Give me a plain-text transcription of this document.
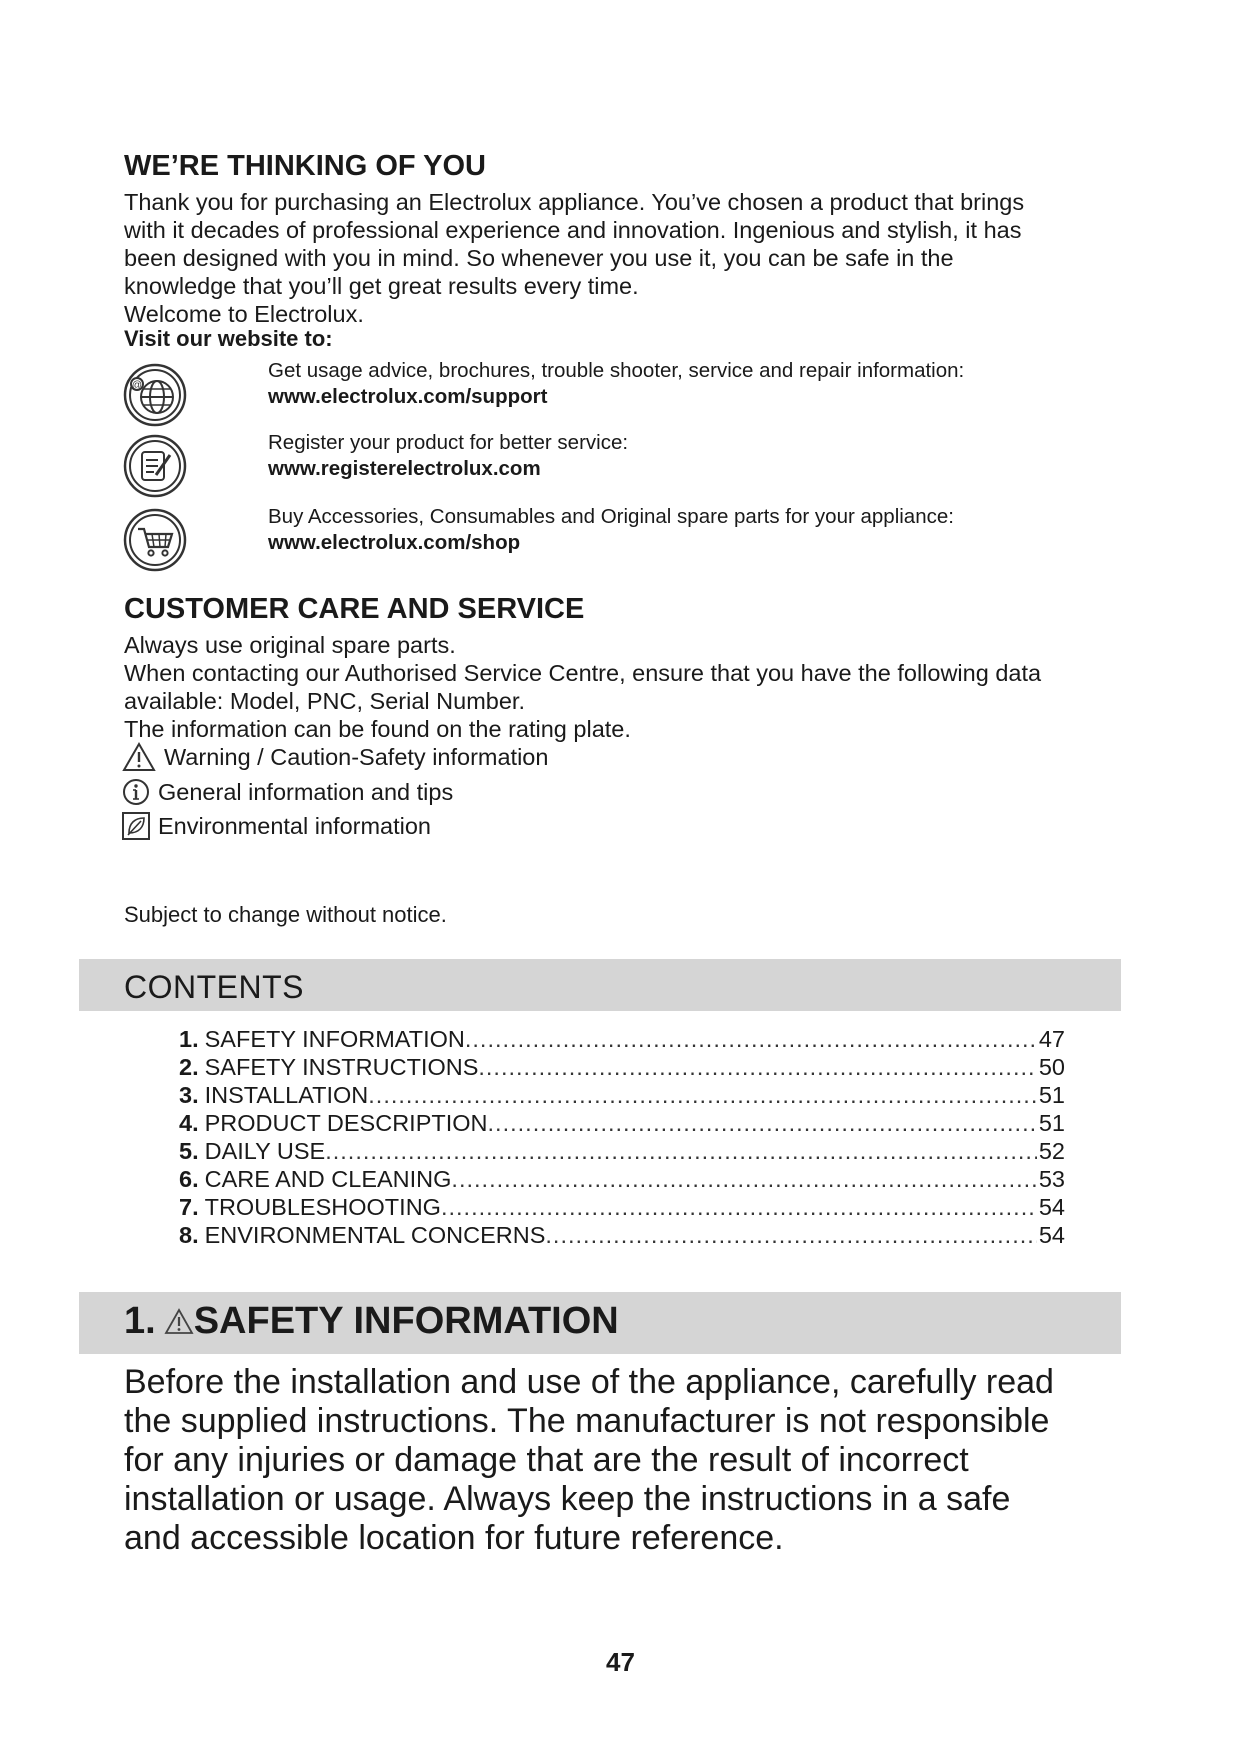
WE’RE THINKING OF YOU
Thank you for purchasing an Electrolux appliance. You’ve chosen a product that brings
with it decades of professional experience and innovation. Ingenious and stylish, it has
been designed with you in mind. So whenever you use it, you can be safe in the
knowledge that you’ll get great results every time.
Welcome to Electrolux.
Visit our website to:
@
Get usage advice, brochures, trouble shooter, service and repair information:
www.electrolux.com/support
Register your product for better service:
www.registerelectrolux.com
Buy Accessories, Consumables and Original spare parts for your appliance:
www.electrolux.com/shop
CUSTOMER CARE AND SERVICE
Always use original spare parts.
When contacting our Authorised Service Centre, ensure that you have the following data
available: Model, PNC, Serial Number.
The information can be found on the rating plate.
Warning / Caution-Safety information
General information and tips
Environmental information
Subject to change without notice.
CONTENTS
1. SAFETY INFORMATION .....	47
2. SAFETY INSTRUCTIONS .....	50
3. INSTALLATION .....	51
4. PRODUCT DESCRIPTION .....	51
5. DAILY USE .....	52
6. CARE AND CLEANING .....	53
7. TROUBLESHOOTING .....	54
8. ENVIRONMENTAL CONCERNS .....	54
1. SAFETY INFORMATION
Before the installation and use of the appliance, carefully read
the supplied instructions. The manufacturer is not responsible
for any injuries or damage that are the result of incorrect
installation or usage. Always keep the instructions in a safe
and accessible location for future reference.
47
